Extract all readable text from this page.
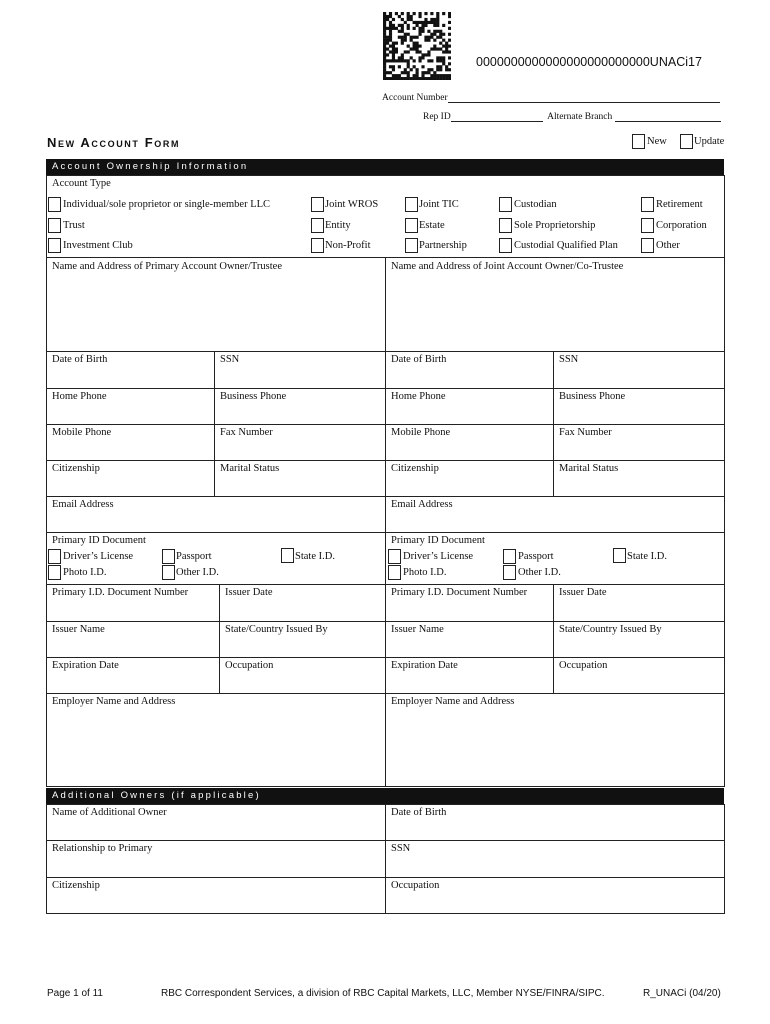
0000000000000000000000000UNACi17
Account Number
Rep ID	Alternate Branch
New Account Form	New	Update
Account Ownership Information
Account Type
Individual/sole proprietor or single-member LLC	Joint WROS	Joint TIC	Custodian	Retirement
Trust	Entity	Estate	Sole Proprietorship	Corporation
Investment Club	Non-Profit	Partnership	Custodial Qualified Plan	Other
Name and Address of Primary Account Owner/Trustee
Date of Birth	SSN
Home Phone	Business Phone
Mobile Phone	Fax Number
Citizenship	Marital Status
Email Address
Primary ID Document
Driver’s License	Passport	State I.D.
Photo I.D.	Other I.D.
Primary I.D. Document Number	Issuer Date
Issuer Name	State/Country Issued By
Expiration Date	Occupation
Employer Name and Address
Name and Address of Joint Account Owner/Co-Trustee
Date of Birth	SSN
Home Phone	Business Phone
Mobile Phone	Fax Number
Citizenship	Marital Status
Email Address
Primary ID Document
Driver’s License	Passport	State I.D.
Photo I.D.	Other I.D.
Primary I.D. Document Number	Issuer Date
Issuer Name	State/Country Issued By
Expiration Date	Occupation
Employer Name and Address
Additional Owners (if applicable)
Name of Additional Owner	Date of Birth
Relationship to Primary	SSN
Citizenship	Occupation
Page 1 of 11	RBC Correspondent Services, a division of RBC Capital Markets, LLC, Member NYSE/FINRA/SIPC.	R_UNACi (04/20)
